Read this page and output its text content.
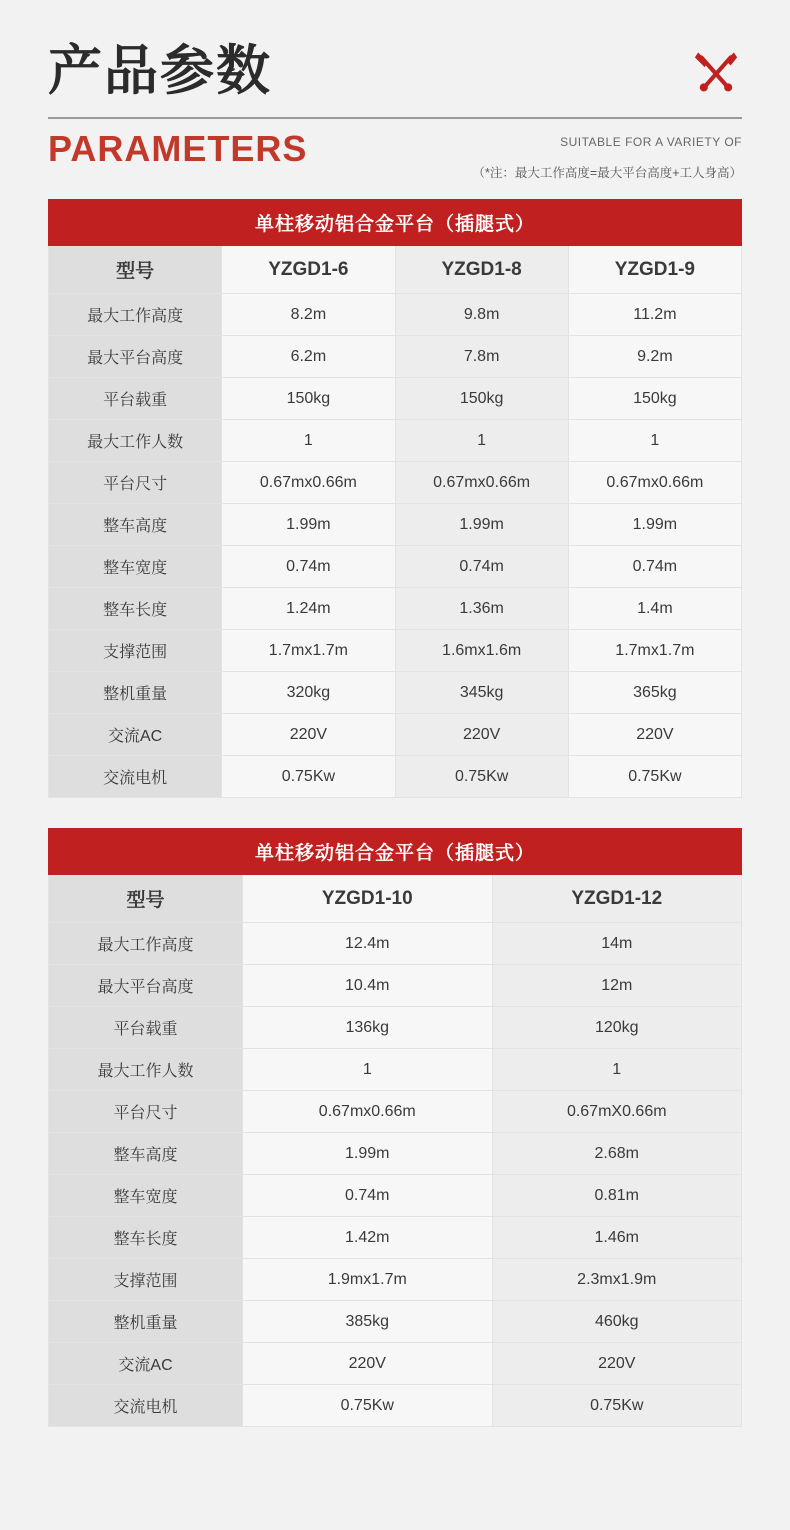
产品参数
PARAMETERS	SUITABLE FOR A VARIETY OF

（*注：最大工作高度=最大平台高度+工人身高）

单柱移动铝合金平台（插腿式）			
型号	YZGD1-6	YZGD1-8	YZGD1-9
最大工作高度	8.2m	9.8m	11.2m
最大平台高度	6.2m	7.8m	9.2m
平台载重	150kg	150kg	150kg
最大工作人数	1	1	1
平台尺寸	0.67mx0.66m	0.67mx0.66m	0.67mx0.66m
整车高度	1.99m	1.99m	1.99m
整车宽度	0.74m	0.74m	0.74m
整车长度	1.24m	1.36m	1.4m
支撑范围	1.7mx1.7m	1.6mx1.6m	1.7mx1.7m
整机重量	320kg	345kg	365kg
交流AC	220V	220V	220V
交流电机	0.75Kw	0.75Kw	0.75Kw
单柱移动铝合金平台（插腿式）		
型号	YZGD1-10	YZGD1-12
最大工作高度	12.4m	14m
最大平台高度	10.4m	12m
平台载重	136kg	120kg
最大工作人数	1	1
平台尺寸	0.67mx0.66m	0.67mX0.66m
整车高度	1.99m	2.68m
整车宽度	0.74m	0.81m
整车长度	1.42m	1.46m
支撑范围	1.9mx1.7m	2.3mx1.9m
整机重量	385kg	460kg
交流AC	220V	220V
交流电机	0.75Kw	0.75Kw
